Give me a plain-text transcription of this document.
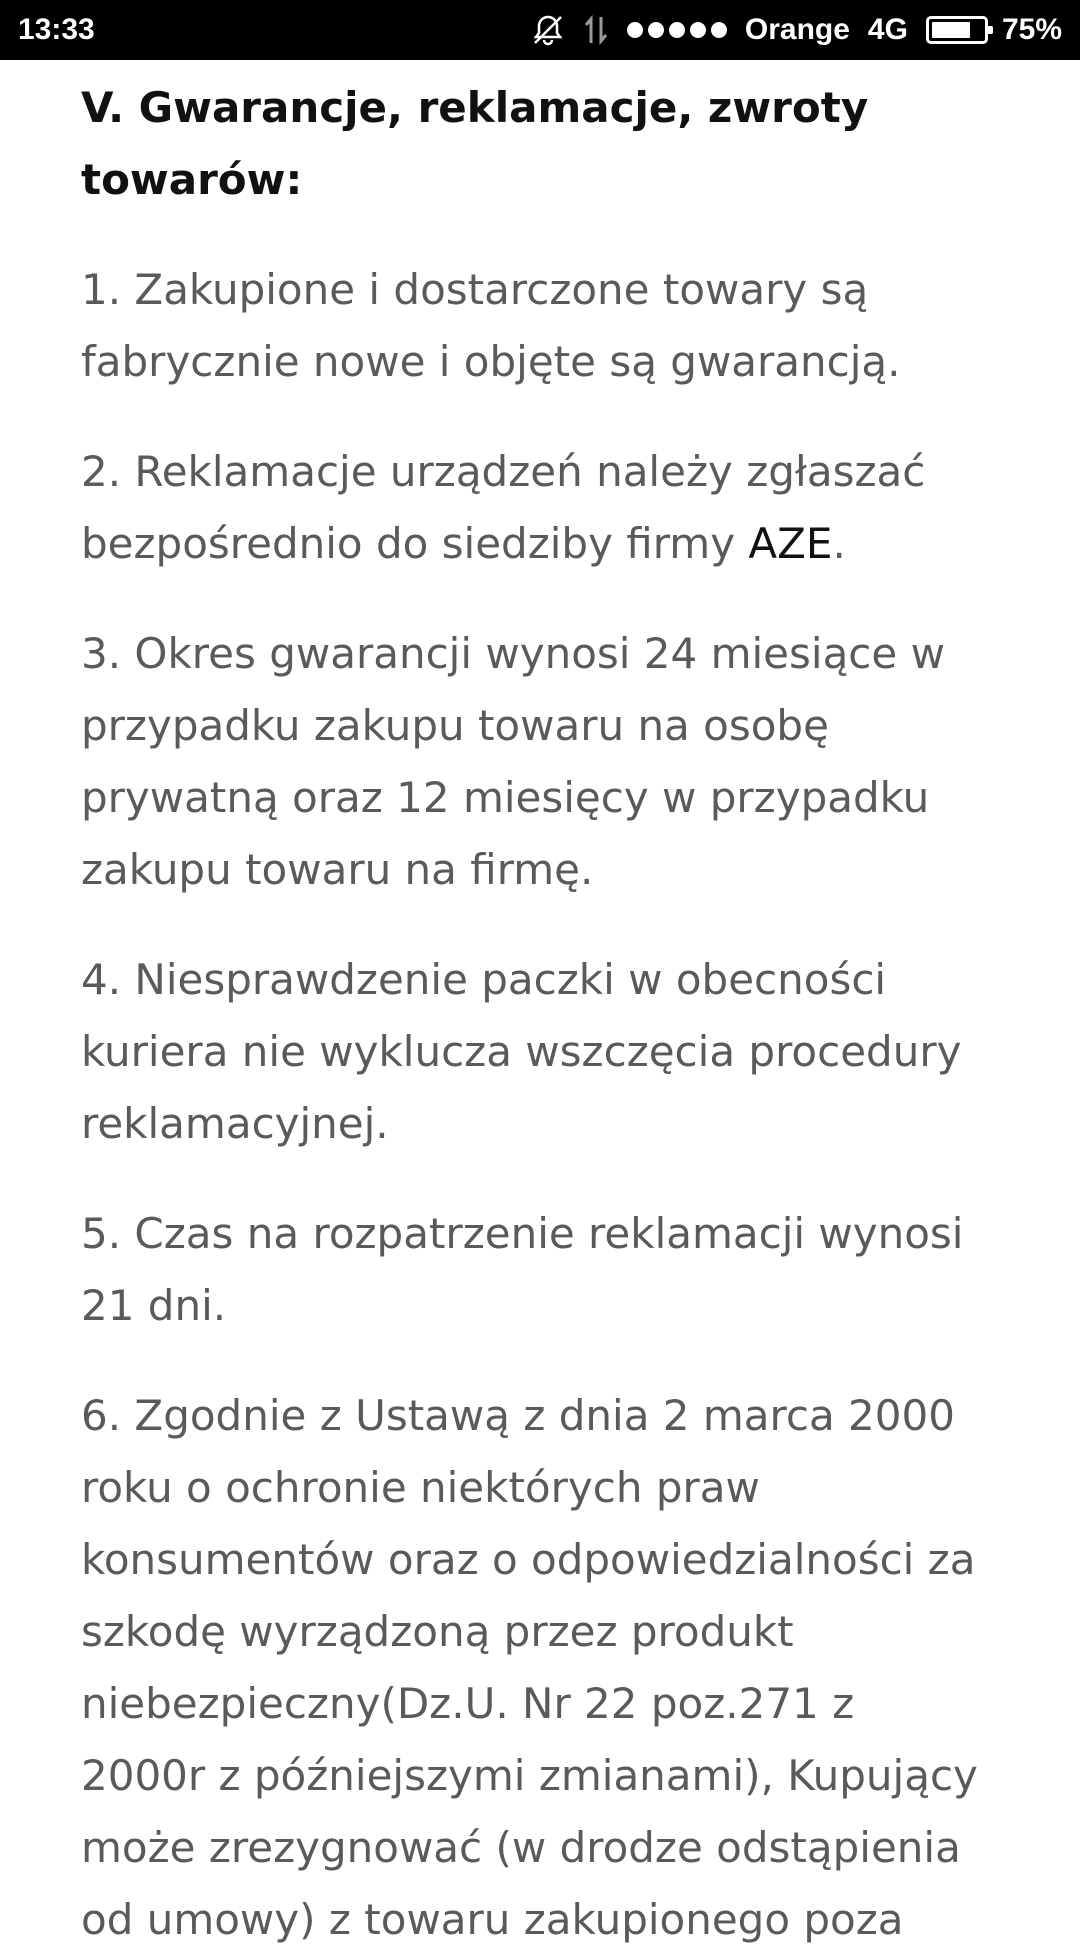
13:33	Orange 4G	75%

V. Gwarancje, reklamacje, zwroty towarów:

1. Zakupione i dostarczone towary są fabrycznie nowe i objęte są gwarancją.

2. Reklamacje urządzeń należy zgłaszać bezpośrednio do siedziby firmy AZE.

3. Okres gwarancji wynosi 24 miesiące w przypadku zakupu towaru na osobę prywatną oraz 12 miesięcy w przypadku zakupu towaru na firmę.

4. Niesprawdzenie paczki w obecności kuriera nie wyklucza wszczęcia procedury reklamacyjnej.

5. Czas na rozpatrzenie reklamacji wynosi 21 dni.

6. Zgodnie z Ustawą z dnia 2 marca 2000 roku o ochronie niektórych praw konsumentów oraz o odpowiedzialności za szkodę wyrządzoną przez produkt niebezpieczny(Dz.U. Nr 22 poz.271 z 2000r z późniejszymi zmianami), Kupujący może zrezygnować (w drodze odstąpienia od umowy) z towaru zakupionego poza
